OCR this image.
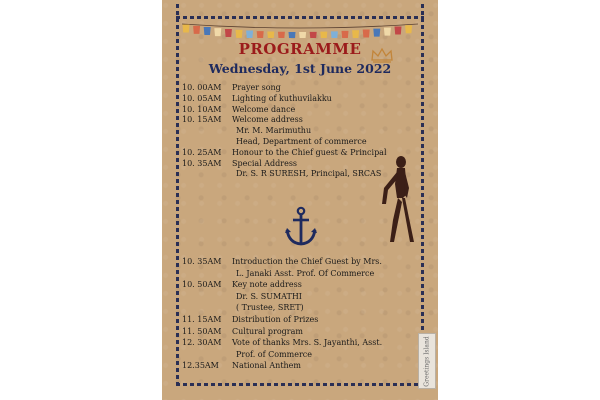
PROGRAMME
Wednesday, 1st June 2022
10. 00AM Prayer song
10. 05AM Lighting of kuthuvilakku
10. 10AM Welcome dance
10. 15AM Welcome address
Mr. M. Marimuthu
Head, Department of commerce
10. 25AM Honour to the Chief guest & Principal
10. 35AM Special Address
Dr. S. R SURESH, Principal, SRCAS
10. 35AM Introduction the Chief Guest by Mrs.
L. Janaki Asst. Prof. Of Commerce
10. 50AM Key note address
Dr. S. SUMATHI
( Trustee, SRET)
11. 15AM Distribution of Prizes
11. 50AM Cultural program
12. 30AM Vote of thanks Mrs. S. Jayanthi, Asst.
Prof. of Commerce
12.35AM National Anthem	Greetings Island
